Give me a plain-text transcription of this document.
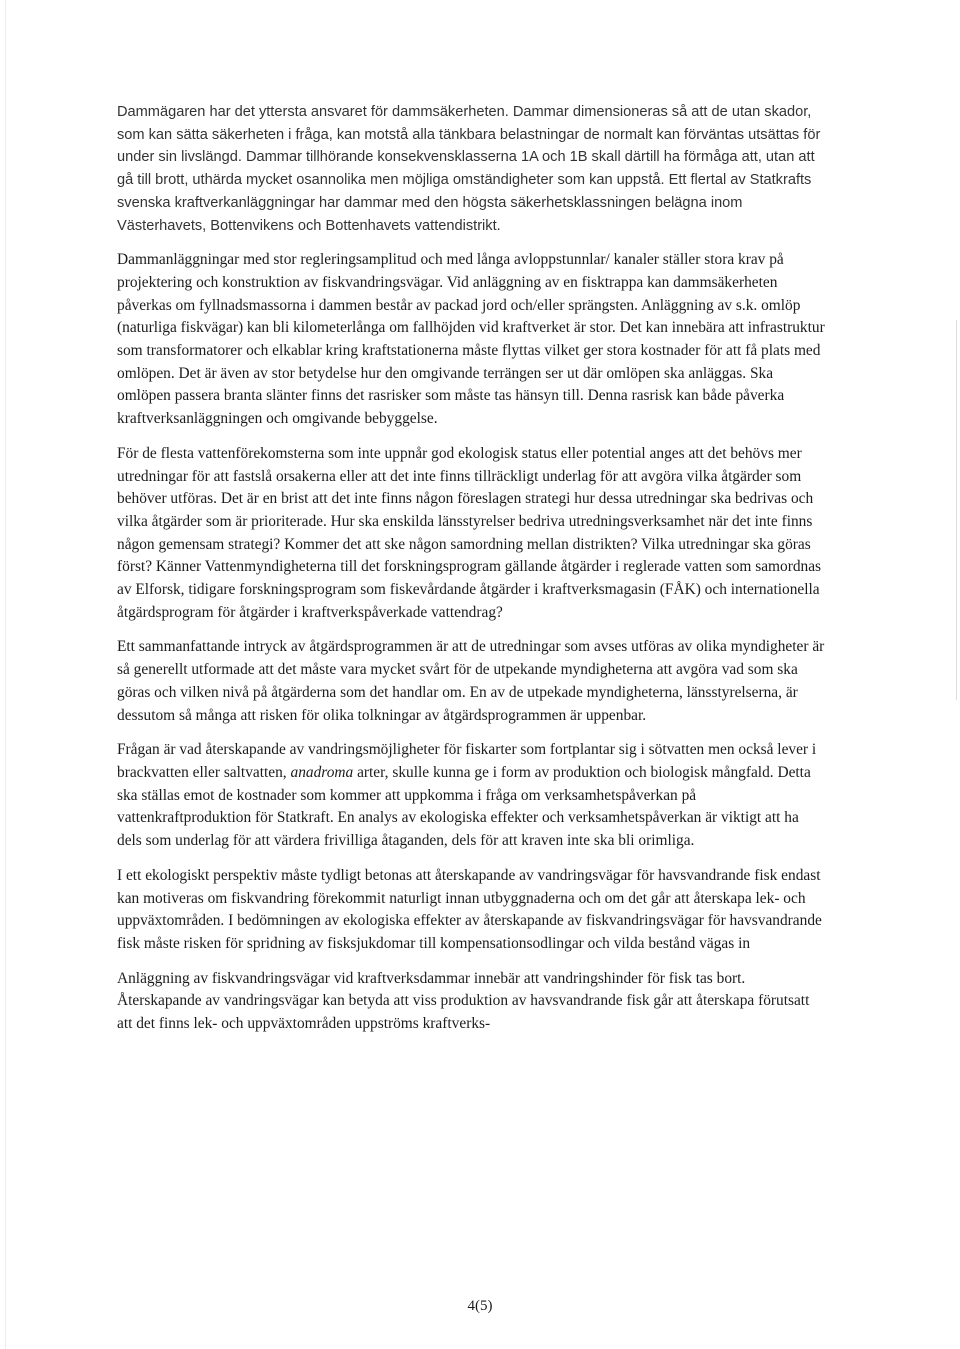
Dammägaren har det yttersta ansvaret för dammsäkerheten. Dammar dimensioneras så att de utan skador, som kan sätta säkerheten i fråga, kan motstå alla tänkbara belastningar de normalt kan förväntas utsättas för under sin livslängd. Dammar tillhörande konsekvensklasserna 1A och 1B skall därtill ha förmåga att, utan att gå till brott, uthärda mycket osannolika men möjliga omständigheter som kan uppstå. Ett flertal av Statkrafts svenska kraftverkanläggningar har dammar med den högsta säkerhetsklassningen belägna inom Västerhavets, Bottenvikens och Bottenhavets vattendistrikt.

Dammanläggningar med stor regleringsamplitud och med långa avloppstunnlar/ kanaler ställer stora krav på projektering och konstruktion av fiskvandringsvägar. Vid anläggning av en fisktrappa kan dammsäkerheten påverkas om fyllnadsmassorna i dammen består av packad jord och/eller sprängsten. Anläggning av s.k. omlöp (naturliga fiskvägar) kan bli kilometerlånga om fallhöjden vid kraftverket är stor. Det kan innebära att infrastruktur som transformatorer och elkablar kring kraftstationerna måste flyttas vilket ger stora kostnader för att få plats med omlöpen. Det är även av stor betydelse hur den omgivande terrängen ser ut där omlöpen ska anläggas. Ska omlöpen passera branta slänter finns det rasrisker som måste tas hänsyn till. Denna rasrisk kan både påverka kraftverksanläggningen och omgivande bebyggelse.

För de flesta vattenförekomsterna som inte uppnår god ekologisk status eller potential anges att det behövs mer utredningar för att fastslå orsakerna eller att det inte finns tillräckligt underlag för att avgöra vilka åtgärder som behöver utföras. Det är en brist att det inte finns någon föreslagen strategi hur dessa utredningar ska bedrivas och vilka åtgärder som är prioriterade. Hur ska enskilda länsstyrelser bedriva utredningsverksamhet när det inte finns någon gemensam strategi? Kommer det att ske någon samordning mellan distrikten? Vilka utredningar ska göras först? Känner Vattenmyndigheterna till det forskningsprogram gällande åtgärder i reglerade vatten som samordnas av Elforsk, tidigare forskningsprogram som fiskevårdande åtgärder i kraftverksmagasin (FÅK) och internationella åtgärdsprogram för åtgärder i kraftverkspåverkade vattendrag?

Ett sammanfattande intryck av åtgärdsprogrammen är att de utredningar som avses utföras av olika myndigheter är så generellt utformade att det måste vara mycket svårt för de utpekande myndigheterna att avgöra vad som ska göras och vilken nivå på åtgärderna som det handlar om. En av de utpekade myndigheterna, länsstyrelserna, är dessutom så många att risken för olika tolkningar av åtgärdsprogrammen är uppenbar.

Frågan är vad återskapande av vandringsmöjligheter för fiskarter som fortplantar sig i sötvatten men också lever i brackvatten eller saltvatten, anadroma arter, skulle kunna ge i form av produktion och biologisk mångfald. Detta ska ställas emot de kostnader som kommer att uppkomma i fråga om verksamhetspåverkan på vattenkraftproduktion för Statkraft. En analys av ekologiska effekter och verksamhetspåverkan är viktigt att ha dels som underlag för att värdera frivilliga åtaganden, dels för att kraven inte ska bli orimliga.

I ett ekologiskt perspektiv måste tydligt betonas att återskapande av vandringsvägar för havsvandrande fisk endast kan motiveras om fiskvandring förekommit naturligt innan utbyggnaderna och om det går att återskapa lek- och uppväxtområden. I bedömningen av ekologiska effekter av återskapande av fiskvandringsvägar för havsvandrande fisk måste risken för spridning av fisksjukdomar till kompensationsodlingar och vilda bestånd vägas in

Anläggning av fiskvandringsvägar vid kraftverksdammar innebär att vandringshinder för fisk tas bort. Återskapande av vandringsvägar kan betyda att viss produktion av havsvandrande fisk går att återskapa förutsatt att det finns lek- och uppväxtområden uppströms kraftverks-

4(5)
